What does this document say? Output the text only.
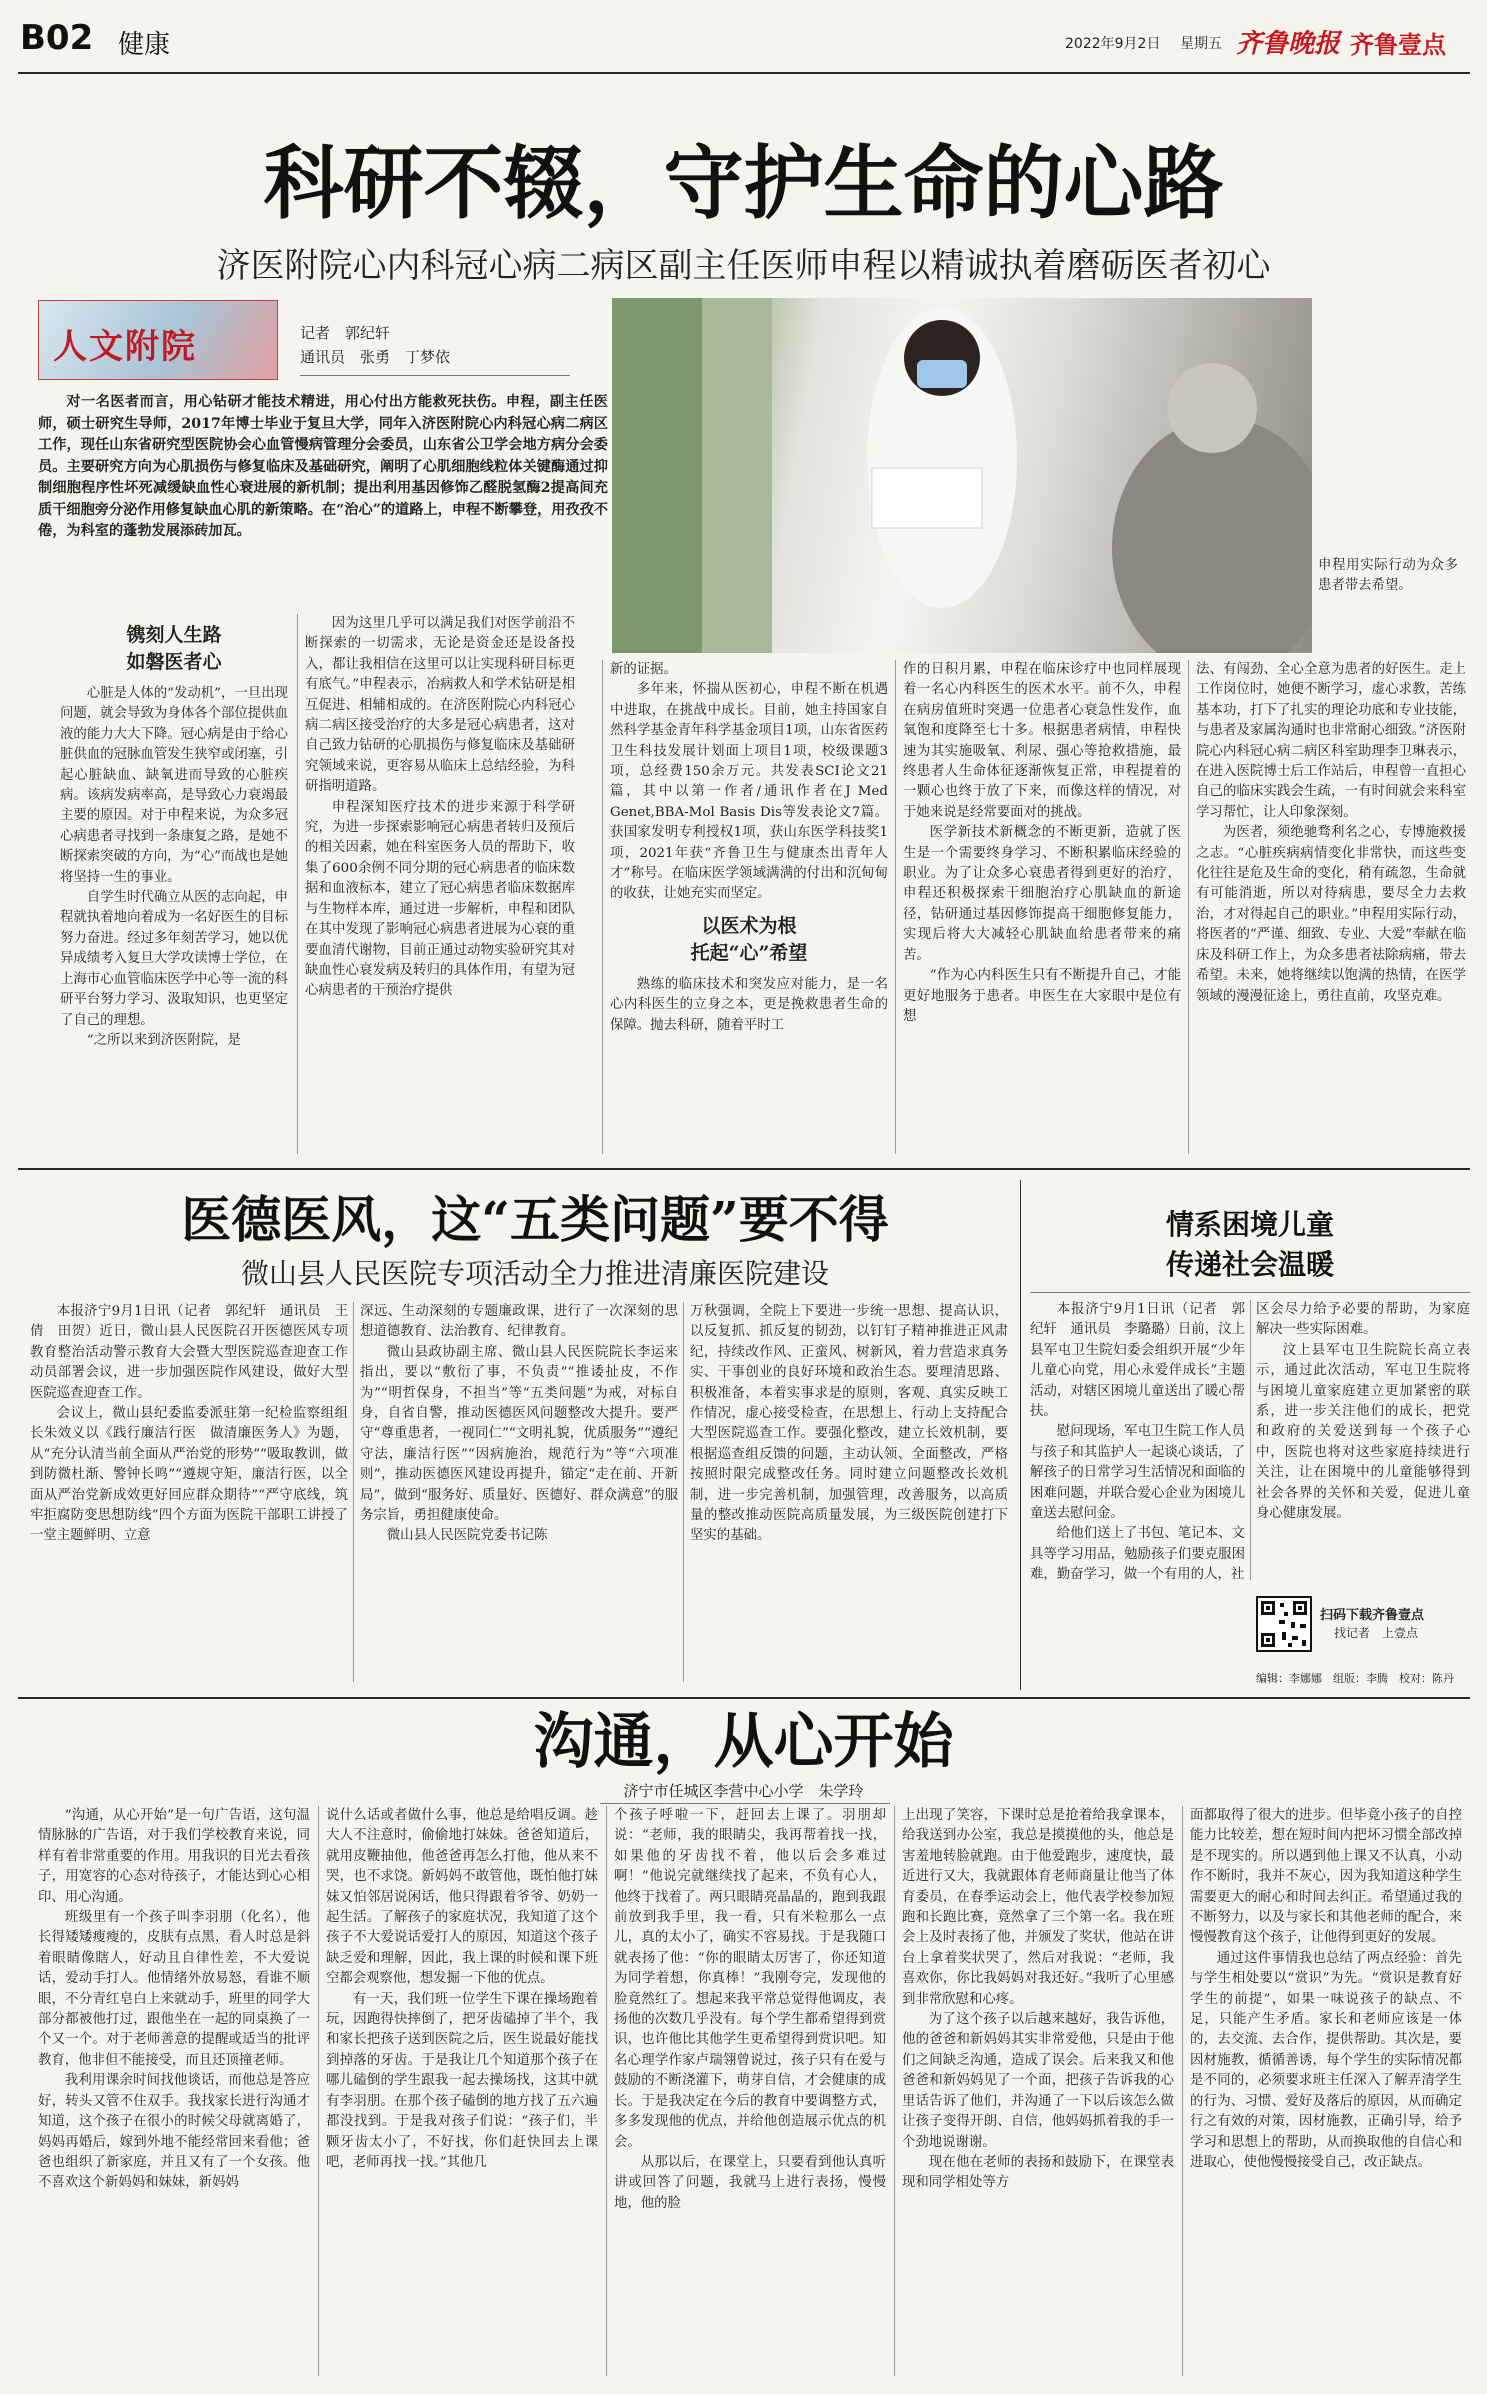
B02 健康	2022年9月2日 星期五 齐鲁晚报 齐鲁壹点
科研不辍，守护生命的心路
济医附院心内科冠心病二病区副主任医师申程以精诚执着磨砺医者初心
人文附院	记者　郭纪轩
通讯员　张勇　丁梦依

对一名医者而言，用心钻研才能技术精进，用心付出方能救死扶伤。申程，副主任医师，硕士研究生导师，2017年博士毕业于复旦大学，同年入济医附院心内科冠心病二病区工作，现任山东省研究型医院协会心血管慢病管理分会委员，山东省公卫学会地方病分会委员。主要研究方向为心肌损伤与修复临床及基础研究，阐明了心肌细胞线粒体关键酶通过抑制细胞程序性坏死减缓缺血性心衰进展的新机制；提出利用基因修饰乙醛脱氢酶2提高间充质干细胞旁分泌作用修复缺血心肌的新策略。在“治心”的道路上，申程不断攀登，用孜孜不倦，为科室的蓬勃发展添砖加瓦。

申程用实际行动为众多患者带去希望。

镌刻人生路
如磐医者心

心脏是人体的“发动机”，一旦出现问题，就会导致为身体各个部位提供血液的能力大大下降。冠心病是由于给心脏供血的冠脉血管发生狭窄或闭塞，引起心脏缺血、缺氧进而导致的心脏疾病。该病发病率高，是导致心力衰竭最主要的原因。对于申程来说，为众多冠心病患者寻找到一条康复之路，是她不断探索突破的方向，为“心”而战也是她将坚持一生的事业。

自学生时代确立从医的志向起，申程就执着地向着成为一名好医生的目标努力奋进。经过多年刻苦学习，她以优异成绩考入复旦大学攻读博士学位，在上海市心血管临床医学中心等一流的科研平台努力学习、汲取知识，也更坚定了自己的理想。

“之所以来到济医附院，是

因为这里几乎可以满足我们对医学前沿不断探索的一切需求，无论是资金还是设备投入，都让我相信在这里可以让实现科研目标更有底气。”申程表示，冶病救人和学术钻研是相互促进、相辅相成的。在济医附院心内科冠心病二病区接受治疗的大多是冠心病患者，这对自己致力钻研的心肌损伤与修复临床及基础研究领域来说，更容易从临床上总结经验，为科研指明道路。

申程深知医疗技术的进步来源于科学研究，为进一步探索影响冠心病患者转归及预后的相关因素，她在科室医务人员的帮助下，收集了600余例不同分期的冠心病患者的临床数据和血液标本，建立了冠心病患者临床数据库与生物样本库，通过进一步解析，申程和团队在其中发现了影响冠心病患者进展为心衰的重要血清代谢物，目前正通过动物实验研究其对缺血性心衰发病及转归的具体作用，有望为冠心病患者的干预治疗提供

新的证据。

多年来，怀揣从医初心，申程不断在机遇中进取，在挑战中成长。目前，她主持国家自然科学基金青年科学基金项目1项，山东省医药卫生科技发展计划面上项目1项，校级课题3项，总经费150余万元。共发表SCI论文21篇，其中以第一作者/通讯作者在J Med Genet,BBA-Mol Basis Dis等发表论文7篇。获国家发明专利授权1项，获山东医学科技奖1项，2021年获“齐鲁卫生与健康杰出青年人才”称号。在临床医学领域满满的付出和沉甸甸的收获，让她充实而坚定。

以医术为根
托起“心”希望

熟练的临床技术和突发应对能力，是一名心内科医生的立身之本，更是挽救患者生命的保障。抛去科研，随着平时工

作的日积月累，申程在临床诊疗中也同样展现着一名心内科医生的医术水平。前不久，申程在病房值班时突遇一位患者心衰急性发作，血氧饱和度降至七十多。根据患者病情，申程快速为其实施吸氧、利尿、强心等抢救措施，最终患者人生命体征逐渐恢复正常，申程提着的一颗心也终于放了下来，而像这样的情况，对于她来说是经常要面对的挑战。

医学新技术新概念的不断更新，造就了医生是一个需要终身学习、不断积累临床经验的职业。为了让众多心衰患者得到更好的治疗，申程还积极探索干细胞治疗心肌缺血的新途径，钻研通过基因修饰提高干细胞修复能力，实现后将大大减轻心肌缺血给患者带来的痛苦。

“作为心内科医生只有不断提升自己，才能更好地服务于患者。申医生在大家眼中是位有想

法、有闯劲、全心全意为患者的好医生。走上工作岗位时，她便不断学习，虚心求教，苦练基本功，打下了扎实的理论功底和专业技能，与患者及家属沟通时也非常耐心细致。”济医附院心内科冠心病二病区科室助理李卫琳表示，在进入医院博士后工作站后，申程曾一直担心自己的临床实践会生疏，一有时间就会来科室学习帮忙，让人印象深刻。

为医者，须绝驰骛利名之心，专博施救援之志。“心脏疾病病情变化非常快，而这些变化往往是危及生命的变化，稍有疏忽，生命就有可能消逝，所以对待病患，要尽全力去救治，才对得起自己的职业。”申程用实际行动，将医者的“严谨、细致、专业、大爱”奉献在临床及科研工作上，为众多患者祛除病痛，带去希望。未来，她将继续以饱满的热情，在医学领域的漫漫征途上，勇往直前，攻坚克难。

医德医风，这“五类问题”要不得
微山县人民医院专项活动全力推进清廉医院建设

本报济宁9月1日讯（记者　郭纪轩　通讯员　王倩　田贺）近日，微山县人民医院召开医德医风专项教育整治活动警示教育大会暨大型医院巡查迎查工作动员部署会议，进一步加强医院作风建设，做好大型医院巡查迎查工作。

会议上，微山县纪委监委派驻第一纪检监察组组长朱效义以《践行廉洁行医　做清廉医务人》为题，从“充分认清当前全面从严治党的形势”“吸取教训，做到防微杜渐、警钟长鸣”“遵规守矩，廉洁行医，以全面从严治党新成效更好回应群众期待”“严守底线，筑牢拒腐防变思想防线”四个方面为医院干部职工讲授了一堂主题鲜明、立意

深远、生动深刻的专题廉政课，进行了一次深刻的思想道德教育、法治教育、纪律教育。

微山县政协副主席、微山县人民医院院长李运来指出，要以“敷衍了事，不负责”“推诿扯皮，不作为”“明哲保身，不担当”等“五类问题”为戒，对标自身，自省自警，推动医德医风问题整改大提升。要严守“尊重患者，一视同仁”“文明礼貌，优质服务”“遵纪守法，廉洁行医”“因病施治，规范行为”等“六项准则”，推动医德医风建设再提升，锚定“走在前、开新局”，做到“服务好、质量好、医德好、群众满意”的服务宗旨，勇担健康使命。

微山县人民医院党委书记陈

万秋强调，全院上下要进一步统一思想、提高认识，以反复抓、抓反复的韧劲，以钉钉子精神推进正风肃纪，持续改作风、正蛮风、树新风，着力营造求真务实、干事创业的良好环境和政治生态。要理清思路、积极准备，本着实事求是的原则，客观、真实反映工作情况，虚心接受检查，在思想上、行动上支持配合大型医院巡查工作。要强化整改，建立长效机制，要根据巡查组反馈的问题，主动认领、全面整改，严格按照时限完成整改任务。同时建立问题整改长效机制，进一步完善机制，加强管理，改善服务，以高质量的整改推动医院高质量发展，为三级医院创建打下坚实的基础。

情系困境儿童
传递社会温暖

本报济宁9月1日讯（记者　郭纪轩　通讯员　李璐璐）日前，汶上县军屯卫生院妇委会组织开展“少年儿童心向党，用心永爱伴成长”主题活动，对辖区困境儿童送出了暖心帮扶。

慰问现场，军屯卫生院工作人员与孩子和其监护人一起谈心谈话，了解孩子的日常学习生活情况和面临的困难问题，并联合爱心企业为困境儿童送去慰问金。

给他们送上了书包、笔记本、文具等学习用品，勉励孩子们要克服困难，勤奋学习，做一个有用的人，社

区会尽力给予必要的帮助，为家庭解决一些实际困难。

汶上县军屯卫生院院长高立表示，通过此次活动，军屯卫生院将与困境儿童家庭建立更加紧密的联系，进一步关注他们的成长，把党和政府的关爱送到每一个孩子心中，医院也将对这些家庭持续进行关注，让在困境中的儿童能够得到社会各界的关怀和关爱，促进儿童身心健康发展。

扫码下载齐鲁壹点
找记者　上壹点
编辑：李娜娜　组版：李腾　校对：陈丹
沟通，从心开始
济宁市任城区李营中心小学　朱学玲

“沟通，从心开始”是一句广告语，这句温情脉脉的广告语，对于我们学校教育来说，同样有着非常重要的作用。用我识的目光去看孩子，用宽容的心态对待孩子，才能达到心心相印、用心沟通。

班级里有一个孩子叫李羽朋（化名），他长得矮矮瘦瘦的，皮肤有点黑，看人时总是斜着眼睛像瞎人，好动且自律性差，不大爱说话，爱动手打人。他情绪外放易怒，看谁不顺眼，不分青红皂白上来就动手，班里的同学大部分都被他打过，跟他坐在一起的同桌换了一个又一个。对于老师善意的提醒或适当的批评教育，他非但不能接受，而且还顶撞老师。

我利用课余时间找他谈话，而他总是答应好，转头又管不住双手。我找家长进行沟通才知道，这个孩子在很小的时候父母就离婚了，妈妈再婚后，嫁到外地不能经常回来看他；爸爸也组织了新家庭，并且又有了一个女孩。他不喜欢这个新妈妈和妹妹，新妈妈

说什么话或者做什么事，他总是给唱反调。趁大人不注意时，偷偷地打妹妹。爸爸知道后，就用皮鞭抽他，他爸爸再怎么打他，他从来不哭，也不求饶。新妈妈不敢管他，既怕他打妹妹又怕邻居说闲话，他只得跟着爷爷、奶奶一起生活。了解孩子的家庭状况，我知道了这个孩子不大爱说话爱打人的原因，知道这个孩子缺乏爱和理解，因此，我上课的时候和课下班空都会观察他，想发掘一下他的优点。

有一天，我们班一位学生下课在操场跑着玩，因跑得快摔倒了，把牙齿磕掉了半个，我和家长把孩子送到医院之后，医生说最好能找到掉落的牙齿。于是我让几个知道那个孩子在哪儿磕倒的学生跟我一起去操场找，这其中就有李羽朋。在那个孩子磕倒的地方找了五六遍都没找到。于是我对孩子们说：“孩子们，半颗牙齿太小了，不好找，你们赶快回去上课吧，老师再找一找。”其他几

个孩子呼啦一下，赶回去上课了。羽朋却说：“老师，我的眼睛尖，我再帮着找一找，如果他的牙齿找不着，他以后会多难过啊！”他说完就继续找了起来，不负有心人，他终于找着了。两只眼睛亮晶晶的，跑到我跟前放到我手里，我一看，只有米粒那么一点儿，真的太小了，确实不容易找。于是我随口就表扬了他：“你的眼睛太厉害了，你还知道为同学着想，你真棒！”我刚夸完，发现他的脸竟然红了。想起来我平常总觉得他调皮，表扬他的次数几乎没有。每个学生都希望得到赏识，也许他比其他学生更希望得到赏识吧。知名心理学作家卢瑞翎曾说过，孩子只有在爱与鼓励的不断浇灌下，萌芽自信，才会健康的成长。于是我决定在今后的教育中要调整方式，多多发现他的优点，并给他创造展示优点的机会。

从那以后，在课堂上，只要看到他认真听讲或回答了问题，我就马上进行表扬，慢慢地，他的脸

上出现了笑容，下课时总是抢着给我拿课本，给我送到办公室，我总是摸摸他的头，他总是害羞地转脸就跑。由于他爱跑步，速度快，最近进行又大，我就跟体育老师商量让他当了体育委员，在春季运动会上，他代表学校参加短跑和长跑比赛，竟然拿了三个第一名。我在班会上及时表扬了他，并颁发了奖状，他站在讲台上拿着奖状哭了，然后对我说：“老师，我喜欢你，你比我妈妈对我还好。”我听了心里感到非常欣慰和心疼。

为了这个孩子以后越来越好，我告诉他，他的爸爸和新妈妈其实非常爱他，只是由于他们之间缺乏沟通，造成了误会。后来我又和他爸爸和新妈妈见了一个面，把孩子告诉我的心里话告诉了他们，并沟通了一下以后该怎么做让孩子变得开朗、自信，他妈妈抓着我的手一个劲地说谢谢。

现在他在老师的表扬和鼓励下，在课堂表现和同学相处等方

面都取得了很大的进步。但毕竟小孩子的自控能力比较差，想在短时间内把坏习惯全部改掉是不现实的。所以遇到他上课又不认真，小动作不断时，我并不灰心，因为我知道这种学生需要更大的耐心和时间去纠正。希望通过我的不断努力，以及与家长和其他老师的配合，来慢慢教育这个孩子，让他得到更好的发展。

通过这件事情我也总结了两点经验：首先与学生相处要以“赏识”为先。“赏识是教育好学生的前提”，如果一味说孩子的缺点、不足，只能产生矛盾。家长和老师应该是一体的，去交流、去合作，提供帮助。其次是，要因材施教，循循善诱，每个学生的实际情况都是不同的，必须要求班主任深入了解弄清学生的行为、习惯、爱好及落后的原因，从而确定行之有效的对策，因材施教，正确引导，给予学习和思想上的帮助，从而换取他的自信心和进取心，使他慢慢接受自己，改正缺点。
